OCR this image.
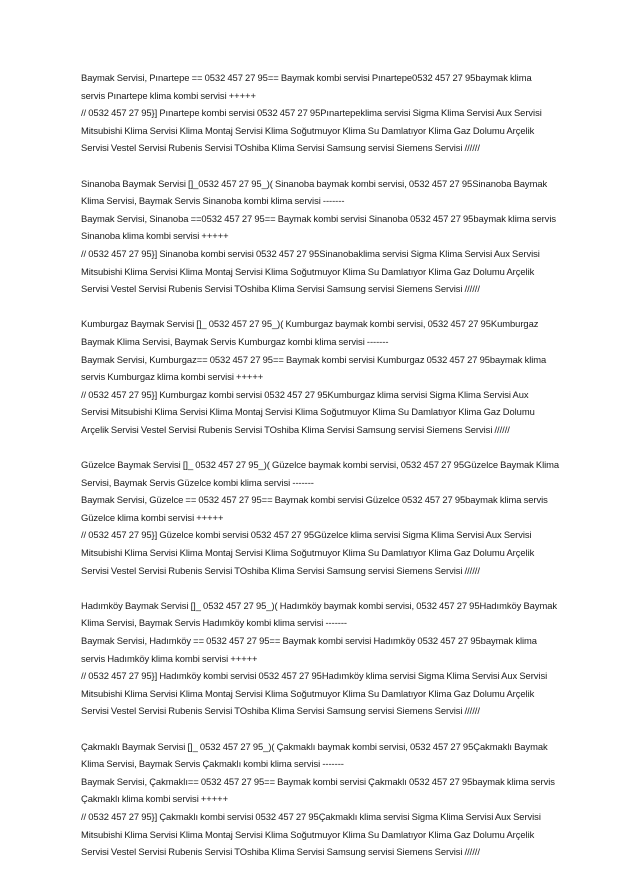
Baymak Servisi, Pınartepe == 0532 457 27 95== Baymak kombi servisi Pınartepe0532 457 27 95baymak klima
servis Pınartepe klima kombi servisi +++++
// 0532 457 27 95}] Pınartepe kombi servisi 0532 457 27 95Pınartepeklima servisi Sigma Klima Servisi Aux Servisi
Mitsubishi Klima Servisi Klima Montaj Servisi Klima Soğutmuyor Klima Su Damlatıyor Klima Gaz Dolumu Arçelik
Servisi Vestel Servisi Rubenis Servisi TOshiba Klima Servisi Samsung servisi Siemens Servisi //////
Sinanoba Baymak Servisi []_0532 457 27 95_)( Sinanoba baymak kombi servisi, 0532 457 27 95Sinanoba Baymak
Klima Servisi, Baymak Servis Sinanoba kombi klima servisi -------
Baymak Servisi, Sinanoba ==0532 457 27 95== Baymak kombi servisi Sinanoba 0532 457 27 95baymak klima servis
Sinanoba klima kombi servisi +++++
// 0532 457 27 95}] Sinanoba kombi servisi 0532 457 27 95Sinanobaklima servisi Sigma Klima Servisi Aux Servisi
Mitsubishi Klima Servisi Klima Montaj Servisi Klima Soğutmuyor Klima Su Damlatıyor Klima Gaz Dolumu Arçelik
Servisi Vestel Servisi Rubenis Servisi TOshiba Klima Servisi Samsung servisi Siemens Servisi //////
Kumburgaz Baymak Servisi []_ 0532 457 27 95_)( Kumburgaz baymak kombi servisi, 0532 457 27 95Kumburgaz
Baymak Klima Servisi, Baymak Servis Kumburgaz kombi klima servisi -------
Baymak Servisi, Kumburgaz== 0532 457 27 95== Baymak kombi servisi Kumburgaz 0532 457 27 95baymak klima
servis Kumburgaz klima kombi servisi +++++
// 0532 457 27 95}] Kumburgaz kombi servisi 0532 457 27 95Kumburgaz klima servisi Sigma Klima Servisi Aux
Servisi Mitsubishi Klima Servisi Klima Montaj Servisi Klima Soğutmuyor Klima Su Damlatıyor Klima Gaz Dolumu
Arçelik Servisi Vestel Servisi Rubenis Servisi TOshiba Klima Servisi Samsung servisi Siemens Servisi //////
Güzelce Baymak Servisi []_ 0532 457 27 95_)( Güzelce baymak kombi servisi, 0532 457 27 95Güzelce Baymak Klima
Servisi, Baymak Servis Güzelce kombi klima servisi -------
Baymak Servisi, Güzelce == 0532 457 27 95== Baymak kombi servisi Güzelce 0532 457 27 95baymak klima servis
Güzelce klima kombi servisi +++++
// 0532 457 27 95}] Güzelce kombi servisi 0532 457 27 95Güzelce klima servisi Sigma Klima Servisi Aux Servisi
Mitsubishi Klima Servisi Klima Montaj Servisi Klima Soğutmuyor Klima Su Damlatıyor Klima Gaz Dolumu Arçelik
Servisi Vestel Servisi Rubenis Servisi TOshiba Klima Servisi Samsung servisi Siemens Servisi //////
Hadımköy Baymak Servisi []_ 0532 457 27 95_)( Hadımköy baymak kombi servisi, 0532 457 27 95Hadımköy Baymak
Klima Servisi, Baymak Servis Hadımköy kombi klima servisi -------
Baymak Servisi, Hadımköy == 0532 457 27 95== Baymak kombi servisi Hadımköy 0532 457 27 95baymak klima
servis Hadımköy klima kombi servisi +++++
// 0532 457 27 95}] Hadımköy kombi servisi 0532 457 27 95Hadımköy klima servisi Sigma Klima Servisi Aux Servisi
Mitsubishi Klima Servisi Klima Montaj Servisi Klima Soğutmuyor Klima Su Damlatıyor Klima Gaz Dolumu Arçelik
Servisi Vestel Servisi Rubenis Servisi TOshiba Klima Servisi Samsung servisi Siemens Servisi //////
Çakmaklı Baymak Servisi []_ 0532 457 27 95_)( Çakmaklı baymak kombi servisi, 0532 457 27 95Çakmaklı Baymak
Klima Servisi, Baymak Servis Çakmaklı kombi klima servisi -------
Baymak Servisi, Çakmaklı== 0532 457 27 95== Baymak kombi servisi Çakmaklı 0532 457 27 95baymak klima servis
Çakmaklı klima kombi servisi +++++
// 0532 457 27 95}] Çakmaklı kombi servisi 0532 457 27 95Çakmaklı klima servisi Sigma Klima Servisi Aux Servisi
Mitsubishi Klima Servisi Klima Montaj Servisi Klima Soğutmuyor Klima Su Damlatıyor Klima Gaz Dolumu Arçelik
Servisi Vestel Servisi Rubenis Servisi TOshiba Klima Servisi Samsung servisi Siemens Servisi //////
